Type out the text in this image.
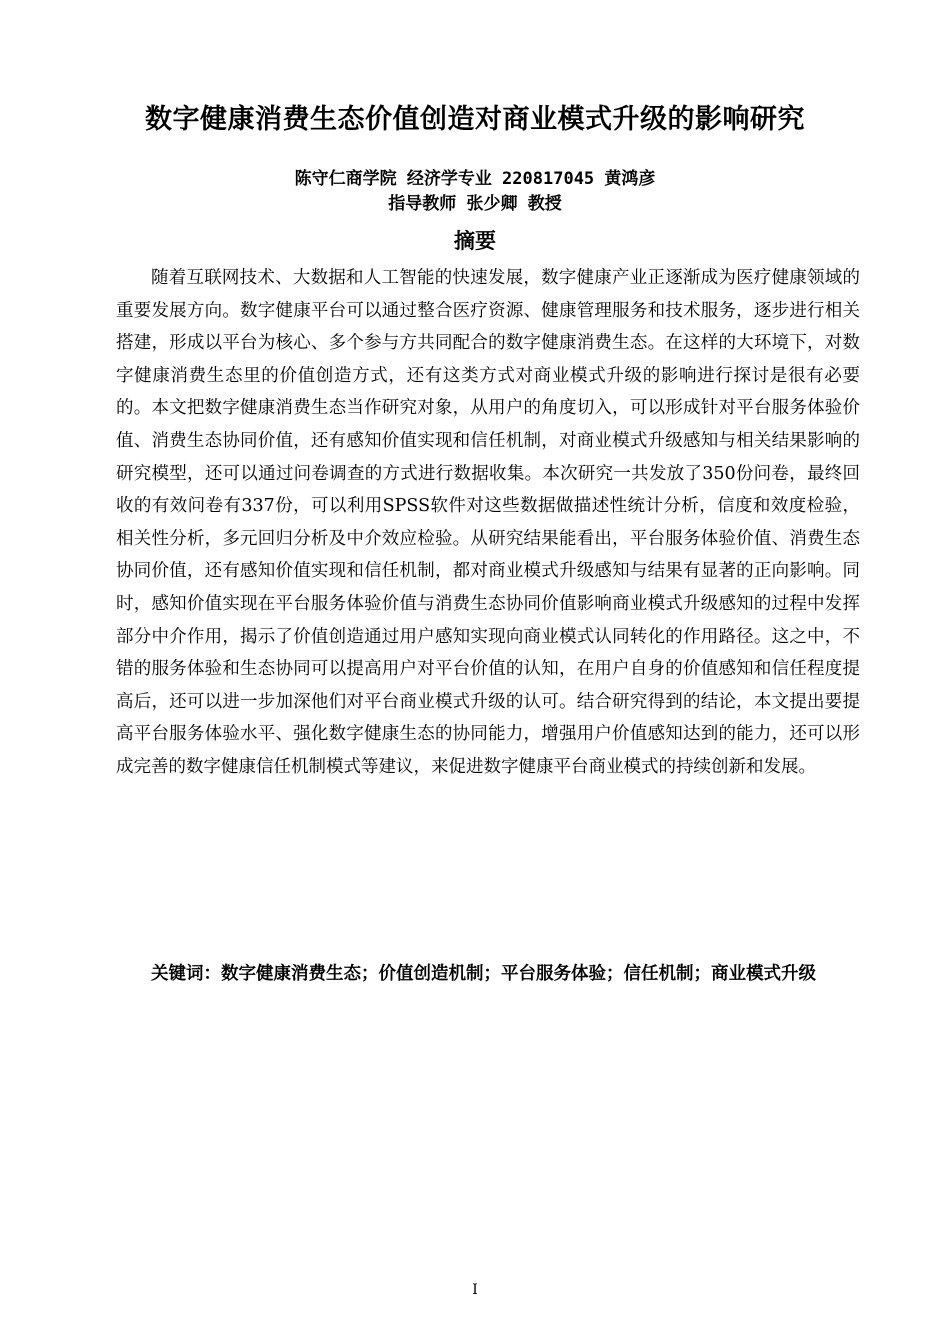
数字健康消费生态价值创造对商业模式升级的影响研究
陈守仁商学院 经济学专业 220817045 黄鸿彦
指导教师 张少卿 教授
摘要

随着互联网技术、大数据和人工智能的快速发展，数字健康产业正逐渐成为医疗健康领域的重要发展方向。数字健康平台可以通过整合医疗资源、健康管理服务和技术服务，逐步进行相关搭建，形成以平台为核心、多个参与方共同配合的数字健康消费生态。在这样的大环境下，对数字健康消费生态里的价值创造方式，还有这类方式对商业模式升级的影响进行探讨是很有必要的。本文把数字健康消费生态当作研究对象，从用户的角度切入，可以形成针对平台服务体验价值、消费生态协同价值，还有感知价值实现和信任机制，对商业模式升级感知与相关结果影响的研究模型，还可以通过问卷调查的方式进行数据收集。本次研究一共发放了350份问卷，最终回收的有效问卷有337份，可以利用SPSS软件对这些数据做描述性统计分析，信度和效度检验，相关性分析，多元回归分析及中介效应检验。从研究结果能看出，平台服务体验价值、消费生态协同价值，还有感知价值实现和信任机制，都对商业模式升级感知与结果有显著的正向影响。同时，感知价值实现在平台服务体验价值与消费生态协同价值影响商业模式升级感知的过程中发挥部分中介作用，揭示了价值创造通过用户感知实现向商业模式认同转化的作用路径。这之中，不错的服务体验和生态协同可以提高用户对平台价值的认知，在用户自身的价值感知和信任程度提高后，还可以进一步加深他们对平台商业模式升级的认可。结合研究得到的结论，本文提出要提高平台服务体验水平、强化数字健康生态的协同能力，增强用户价值感知达到的能力，还可以形成完善的数字健康信任机制模式等建议，来促进数字健康平台商业模式的持续创新和发展。

关键词：数字健康消费生态；价值创造机制；平台服务体验；信任机制；商业模式升级

I
